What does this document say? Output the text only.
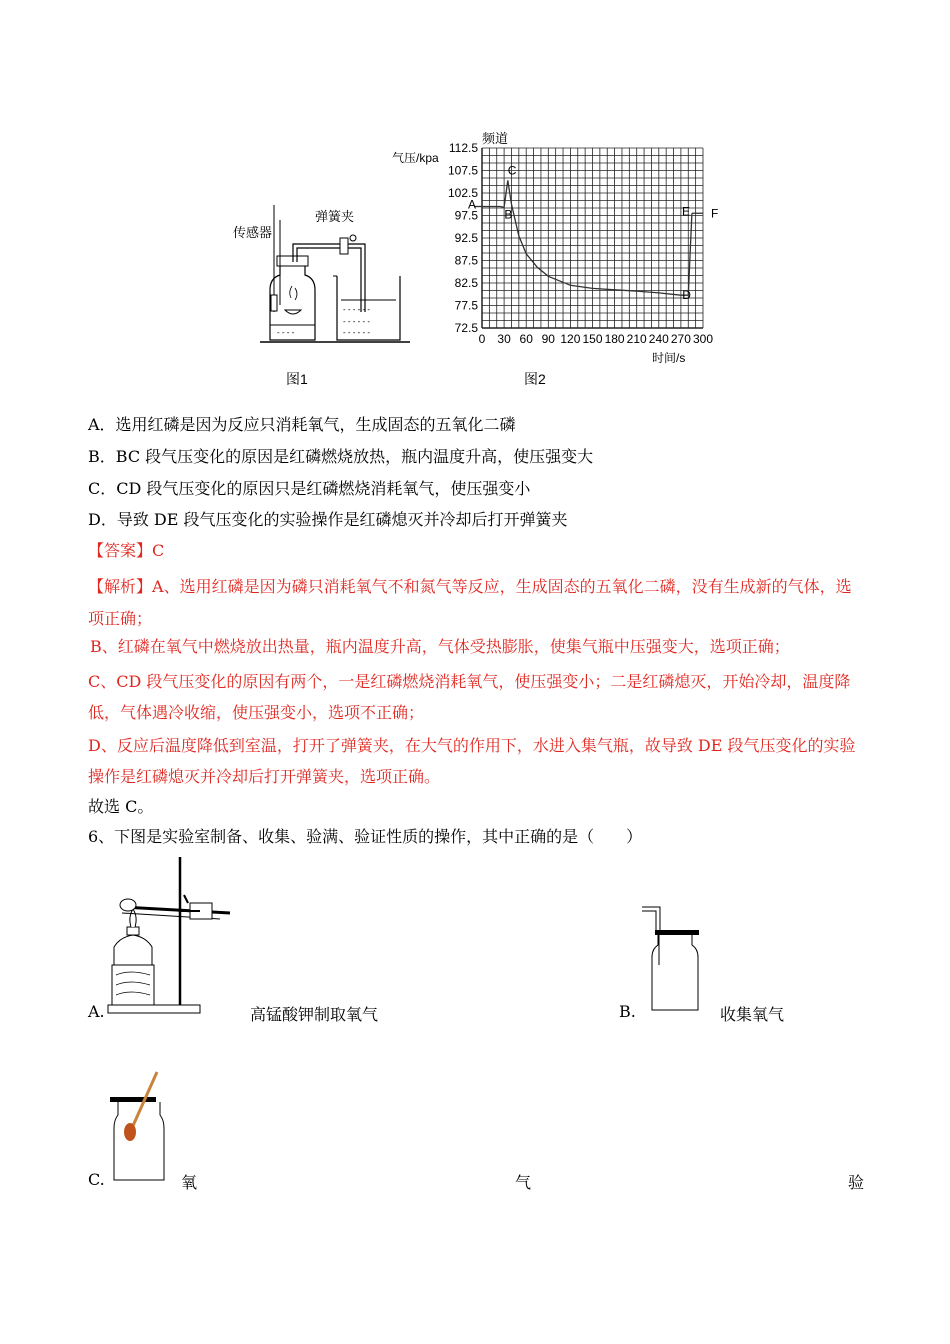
- - - -
- - - - - -
- - - - - -
- - - - - -
传感器
弹簧夹
图1
112.5
107.5
102.5
97.5
92.5
87.5
82.5
77.5
72.5
0 30 60 90 120 150 180 210 240 270 300
A
B
C
D
E F
频道
气压/kpa
时间/s
图2
A．选用红磷是因为反应只消耗氧气，生成固态的五氧化二磷
B．BC 段气压变化的原因是红磷燃烧放热，瓶内温度升高，使压强变大
C．CD 段气压变化的原因只是红磷燃烧消耗氧气，使压强变小
D．导致 DE 段气压变化的实验操作是红磷熄灭并冷却后打开弹簧夹
【答案】C
【解析】A、选用红磷是因为磷只消耗氧气不和氮气等反应，生成固态的五氧化二磷，没有生成新的气体，选项正确；
B、红磷在氧气中燃烧放出热量，瓶内温度升高，气体受热膨胀，使集气瓶中压强变大，选项正确；
C、CD 段气压变化的原因有两个，一是红磷燃烧消耗氧气，使压强变小；二是红磷熄灭，开始冷却，温度降低，气体遇冷收缩，使压强变小，选项不正确；
D、反应后温度降低到室温，打开了弹簧夹，在大气的作用下，水进入集气瓶，故导致 DE 段气压变化的实验操作是红磷熄灭并冷却后打开弹簧夹，选项正确。
故选 C。
6、下图是实验室制备、收集、验满、验证性质的操作，其中正确的是（　　）
A.	高锰酸钾制取氧气	B.	收集氧气
C.	氧	气	验
